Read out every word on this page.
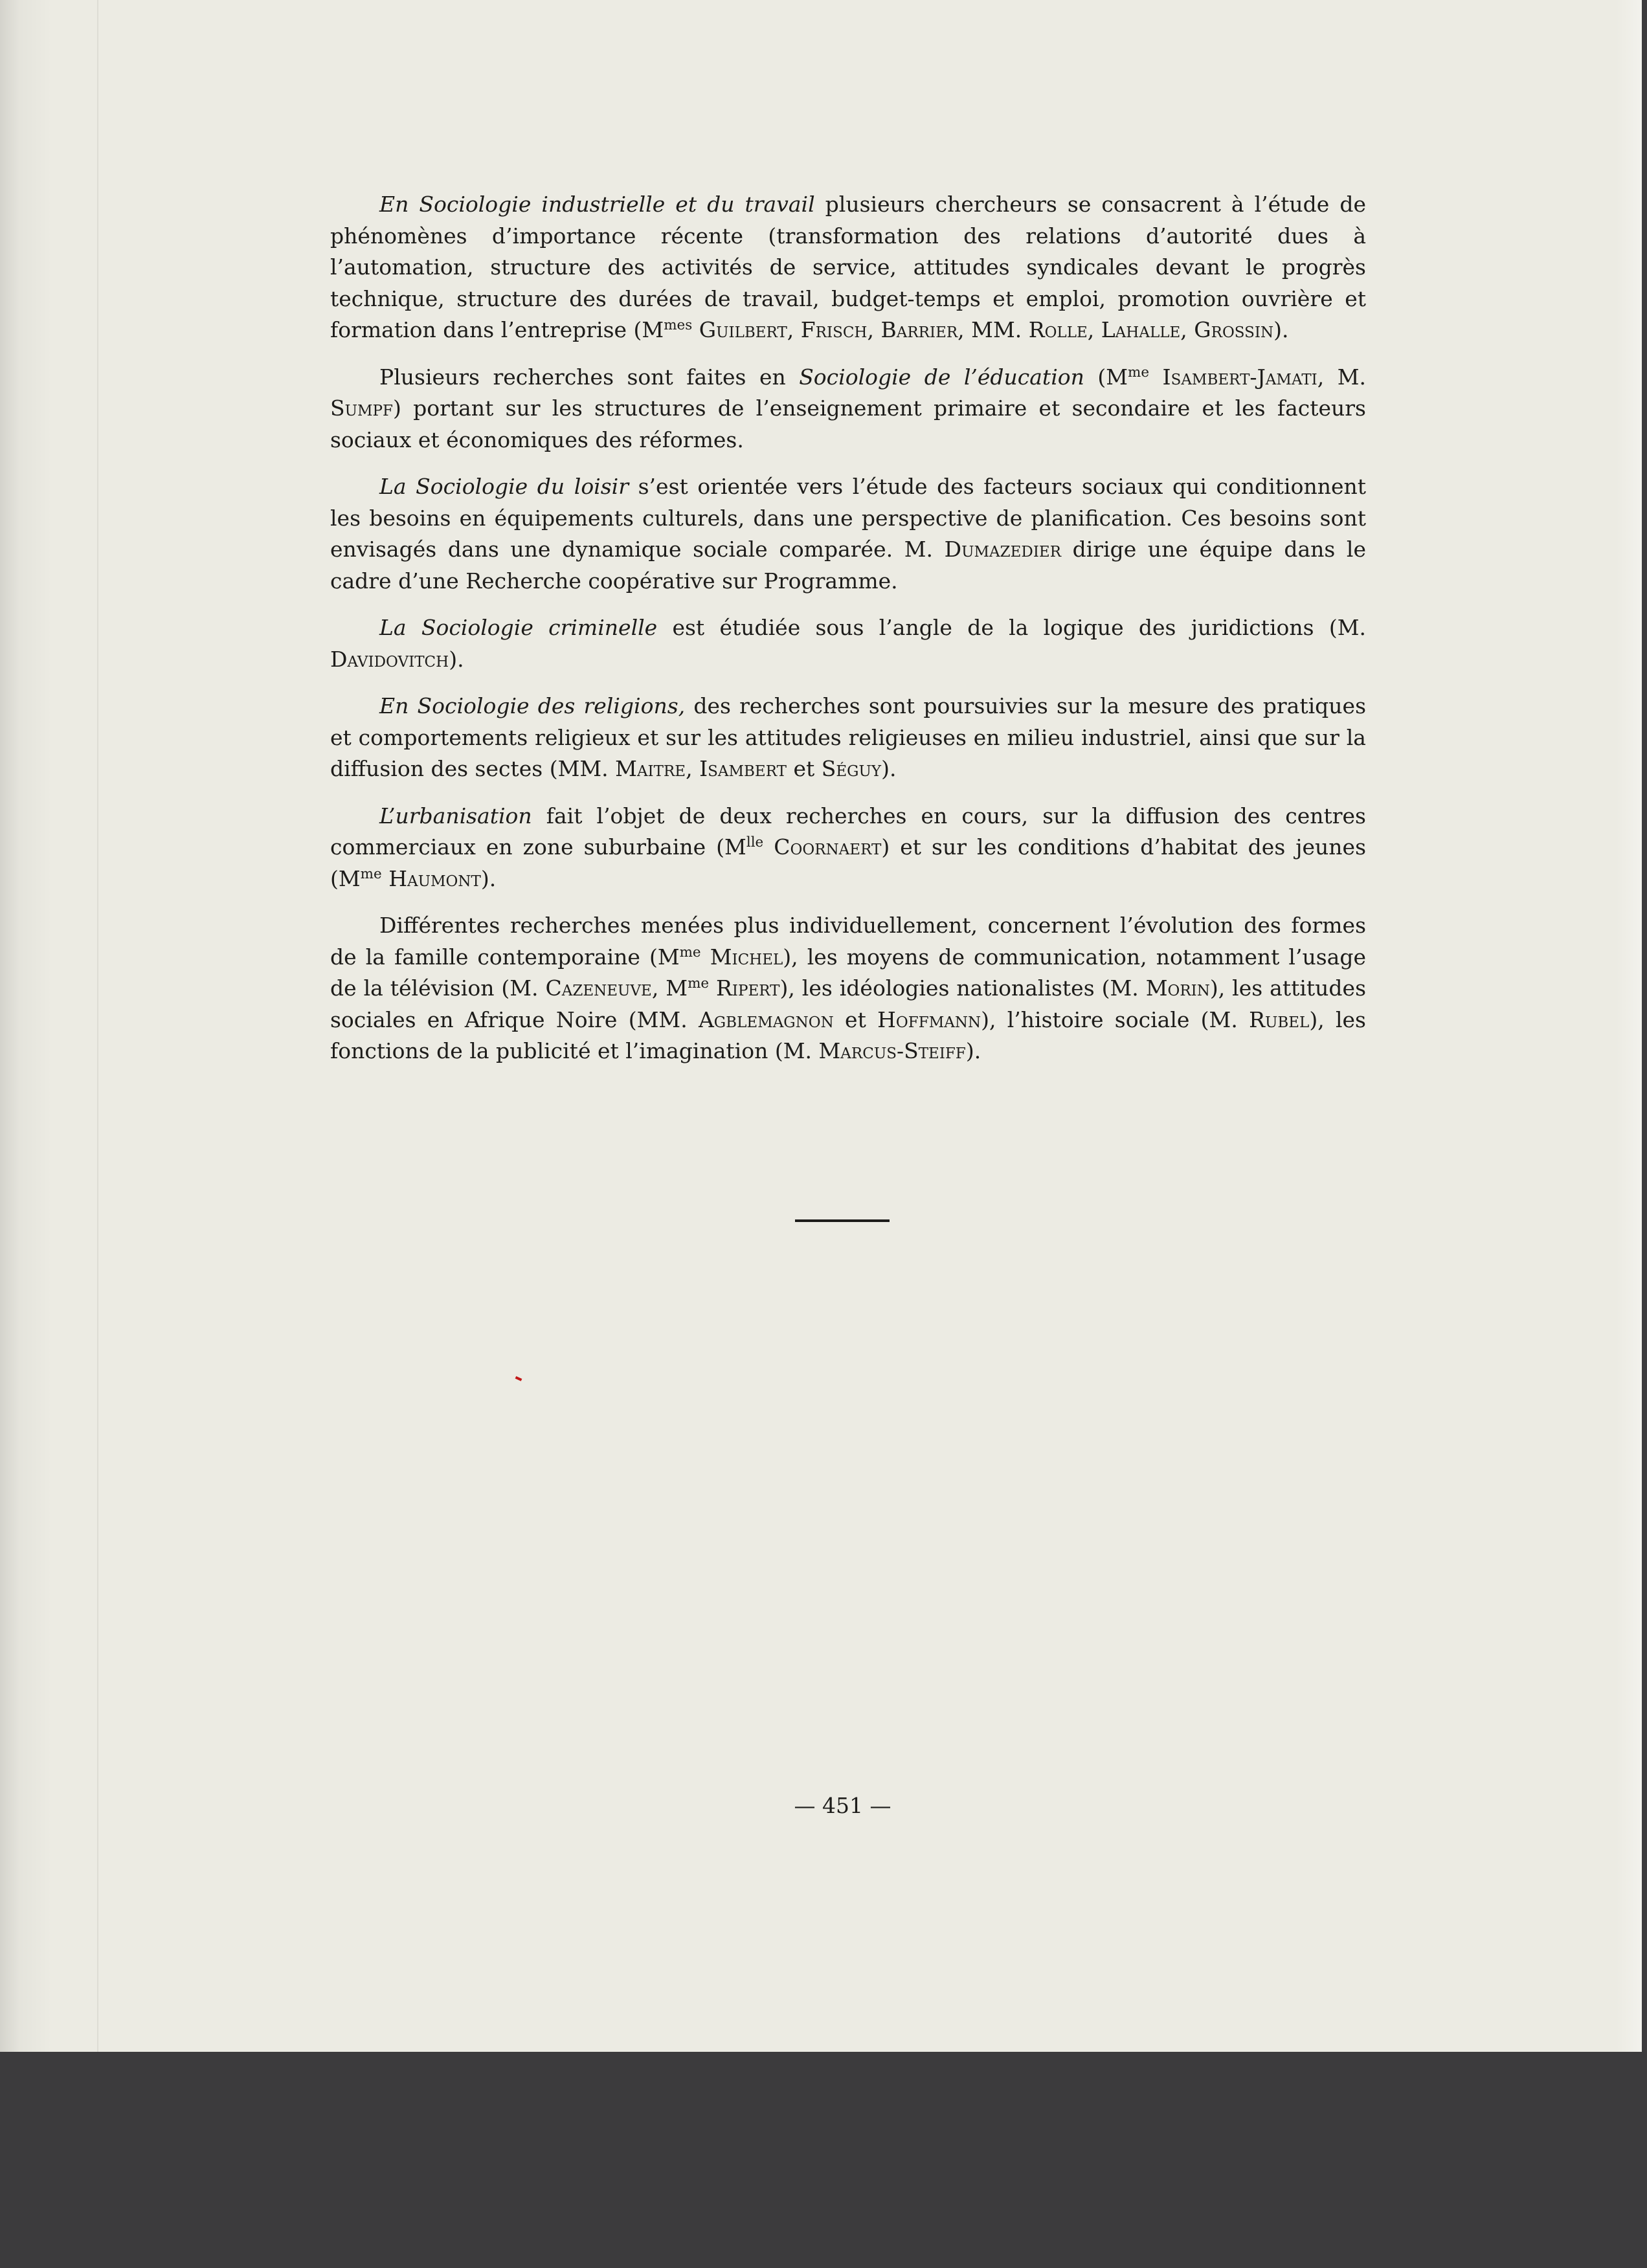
En Sociologie industrielle et du travail plusieurs chercheurs se consacrent à l’étude de phénomènes d’importance récente (transformation des relations d’autorité dues à l’automation, structure des activités de service, attitudes syndicales devant le progrès technique, structure des durées de travail, budget-temps et emploi, promotion ouvrière et formation dans l’entreprise ($M^{mes}$ Guilbert, Frisch, Barrier, MM. Rolle, Lahalle, Grossin).

Plusieurs recherches sont faites en Sociologie de l’éducation ($M^{me}$ Isambert-Jamati, M. Sumpf) portant sur les structures de l’enseignement primaire et secondaire et les facteurs sociaux et économiques des réformes.

La Sociologie du loisir s’est orientée vers l’étude des facteurs sociaux qui conditionnent les besoins en équipements culturels, dans une perspective de planification. Ces besoins sont envisagés dans une dynamique sociale comparée. M. Dumazedier dirige une équipe dans le cadre d’une Recherche coopérative sur Programme.

La Sociologie criminelle est étudiée sous l’angle de la logique des juridictions (M. Davidovitch).

En Sociologie des religions, des recherches sont poursuivies sur la mesure des pratiques et comportements religieux et sur les attitudes religieuses en milieu industriel, ainsi que sur la diffusion des sectes (MM. Maitre, Isambert et Séguy).

L’urbanisation fait l’objet de deux recherches en cours, sur la diffusion des centres commerciaux en zone suburbaine ($M^{lle}$ Coornaert) et sur les conditions d’habitat des jeunes ($M^{me}$ Haumont).

Différentes recherches menées plus individuellement, concernent l’évolution des formes de la famille contemporaine ($M^{me}$ Michel), les moyens de communication, notamment l’usage de la télévision (M. Cazeneuve, $M^{me}$ Ripert), les idéologies nationalistes (M. Morin), les attitudes sociales en Afrique Noire (MM. Agblemagnon et Hoffmann), l’histoire sociale (M. Rubel), les fonctions de la publicité et l’imagination (M. Marcus-Steiff).

— 451 —
